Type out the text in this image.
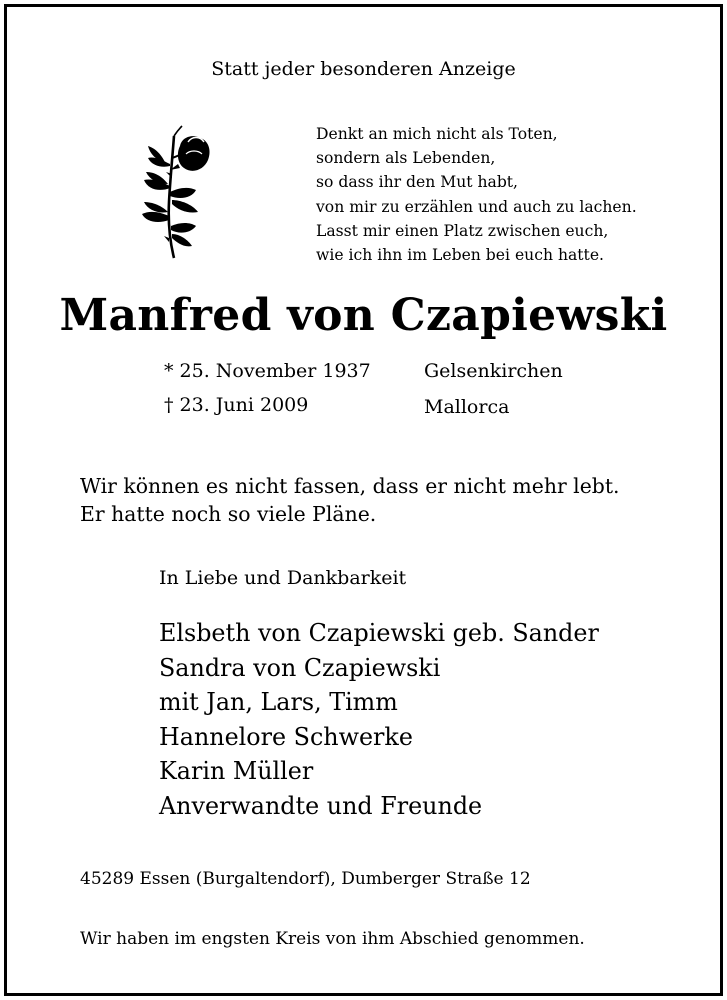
Statt jeder besonderen Anzeige
Denkt an mich nicht als Toten,
sondern als Lebenden,
so dass ihr den Mut habt,
von mir zu erzählen und auch zu lachen.
Lasst mir einen Platz zwischen euch,
wie ich ihn im Leben bei euch hatte.
Manfred von Czapiewski
* 25. November 1937	Gelsenkirchen
† 23. Juni 2009	Mallorca
Wir können es nicht fassen, dass er nicht mehr lebt.
Er hatte noch so viele Pläne.
In Liebe und Dankbarkeit
Elsbeth von Czapiewski geb. Sander
Sandra von Czapiewski
mit Jan, Lars, Timm
Hannelore Schwerke
Karin Müller
Anverwandte und Freunde
45289 Essen (Burgaltendorf), Dumberger Straße 12
Wir haben im engsten Kreis von ihm Abschied genommen.
